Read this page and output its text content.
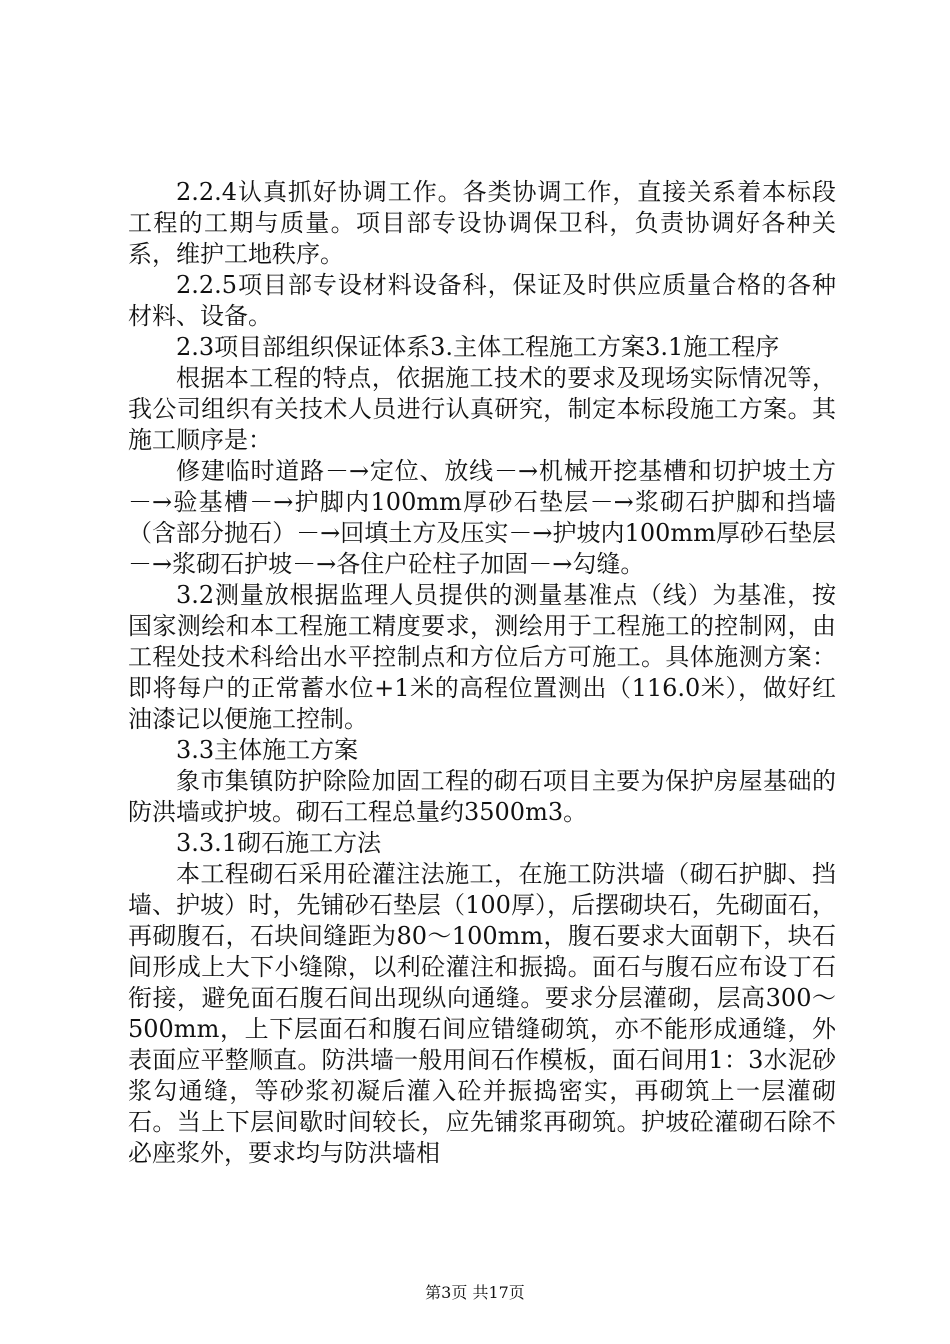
2.2.4认真抓好协调工作。各类协调工作，直接关系着本标段工程的工期与质量。项目部专设协调保卫科，负责协调好各种关系，维护工地秩序。

2.2.5项目部专设材料设备科，保证及时供应质量合格的各种材料、设备。

2.3项目部组织保证体系3.主体工程施工方案3.1施工程序

根据本工程的特点，依据施工技术的要求及现场实际情况等，我公司组织有关技术人员进行认真研究，制定本标段施工方案。其施工顺序是：

修建临时道路－→定位、放线－→机械开挖基槽和切护坡土方－→验基槽－→护脚内100mm厚砂石垫层－→浆砌石护脚和挡墙（含部分抛石）－→回填土方及压实－→护坡内100mm厚砂石垫层－→浆砌石护坡－→各住户砼柱子加固－→勾缝。

3.2测量放根据监理人员提供的测量基准点（线）为基准，按国家测绘和本工程施工精度要求，测绘用于工程施工的控制网，由工程处技术科给出水平控制点和方位后方可施工。具体施测方案：即将每户的正常蓄水位+1米的高程位置测出（116.0米），做好红油漆记以便施工控制。

3.3主体施工方案

象市集镇防护除险加固工程的砌石项目主要为保护房屋基础的防洪墙或护坡。砌石工程总量约3500m3。

3.3.1砌石施工方法

本工程砌石采用砼灌注法施工，在施工防洪墙（砌石护脚、挡墙、护坡）时，先铺砂石垫层（100厚），后摆砌块石，先砌面石，再砌腹石，石块间缝距为80～100mm，腹石要求大面朝下，块石间形成上大下小缝隙，以利砼灌注和振捣。面石与腹石应布设丁石衔接，避免面石腹石间出现纵向通缝。要求分层灌砌，层高300～500mm，上下层面石和腹石间应错缝砌筑，亦不能形成通缝，外表面应平整顺直。防洪墙一般用间石作模板，面石间用1：3水泥砂浆勾通缝，等砂浆初凝后灌入砼并振捣密实，再砌筑上一层灌砌石。当上下层间歇时间较长，应先铺浆再砌筑。护坡砼灌砌石除不必座浆外，要求均与防洪墙相

第3页 共17页
